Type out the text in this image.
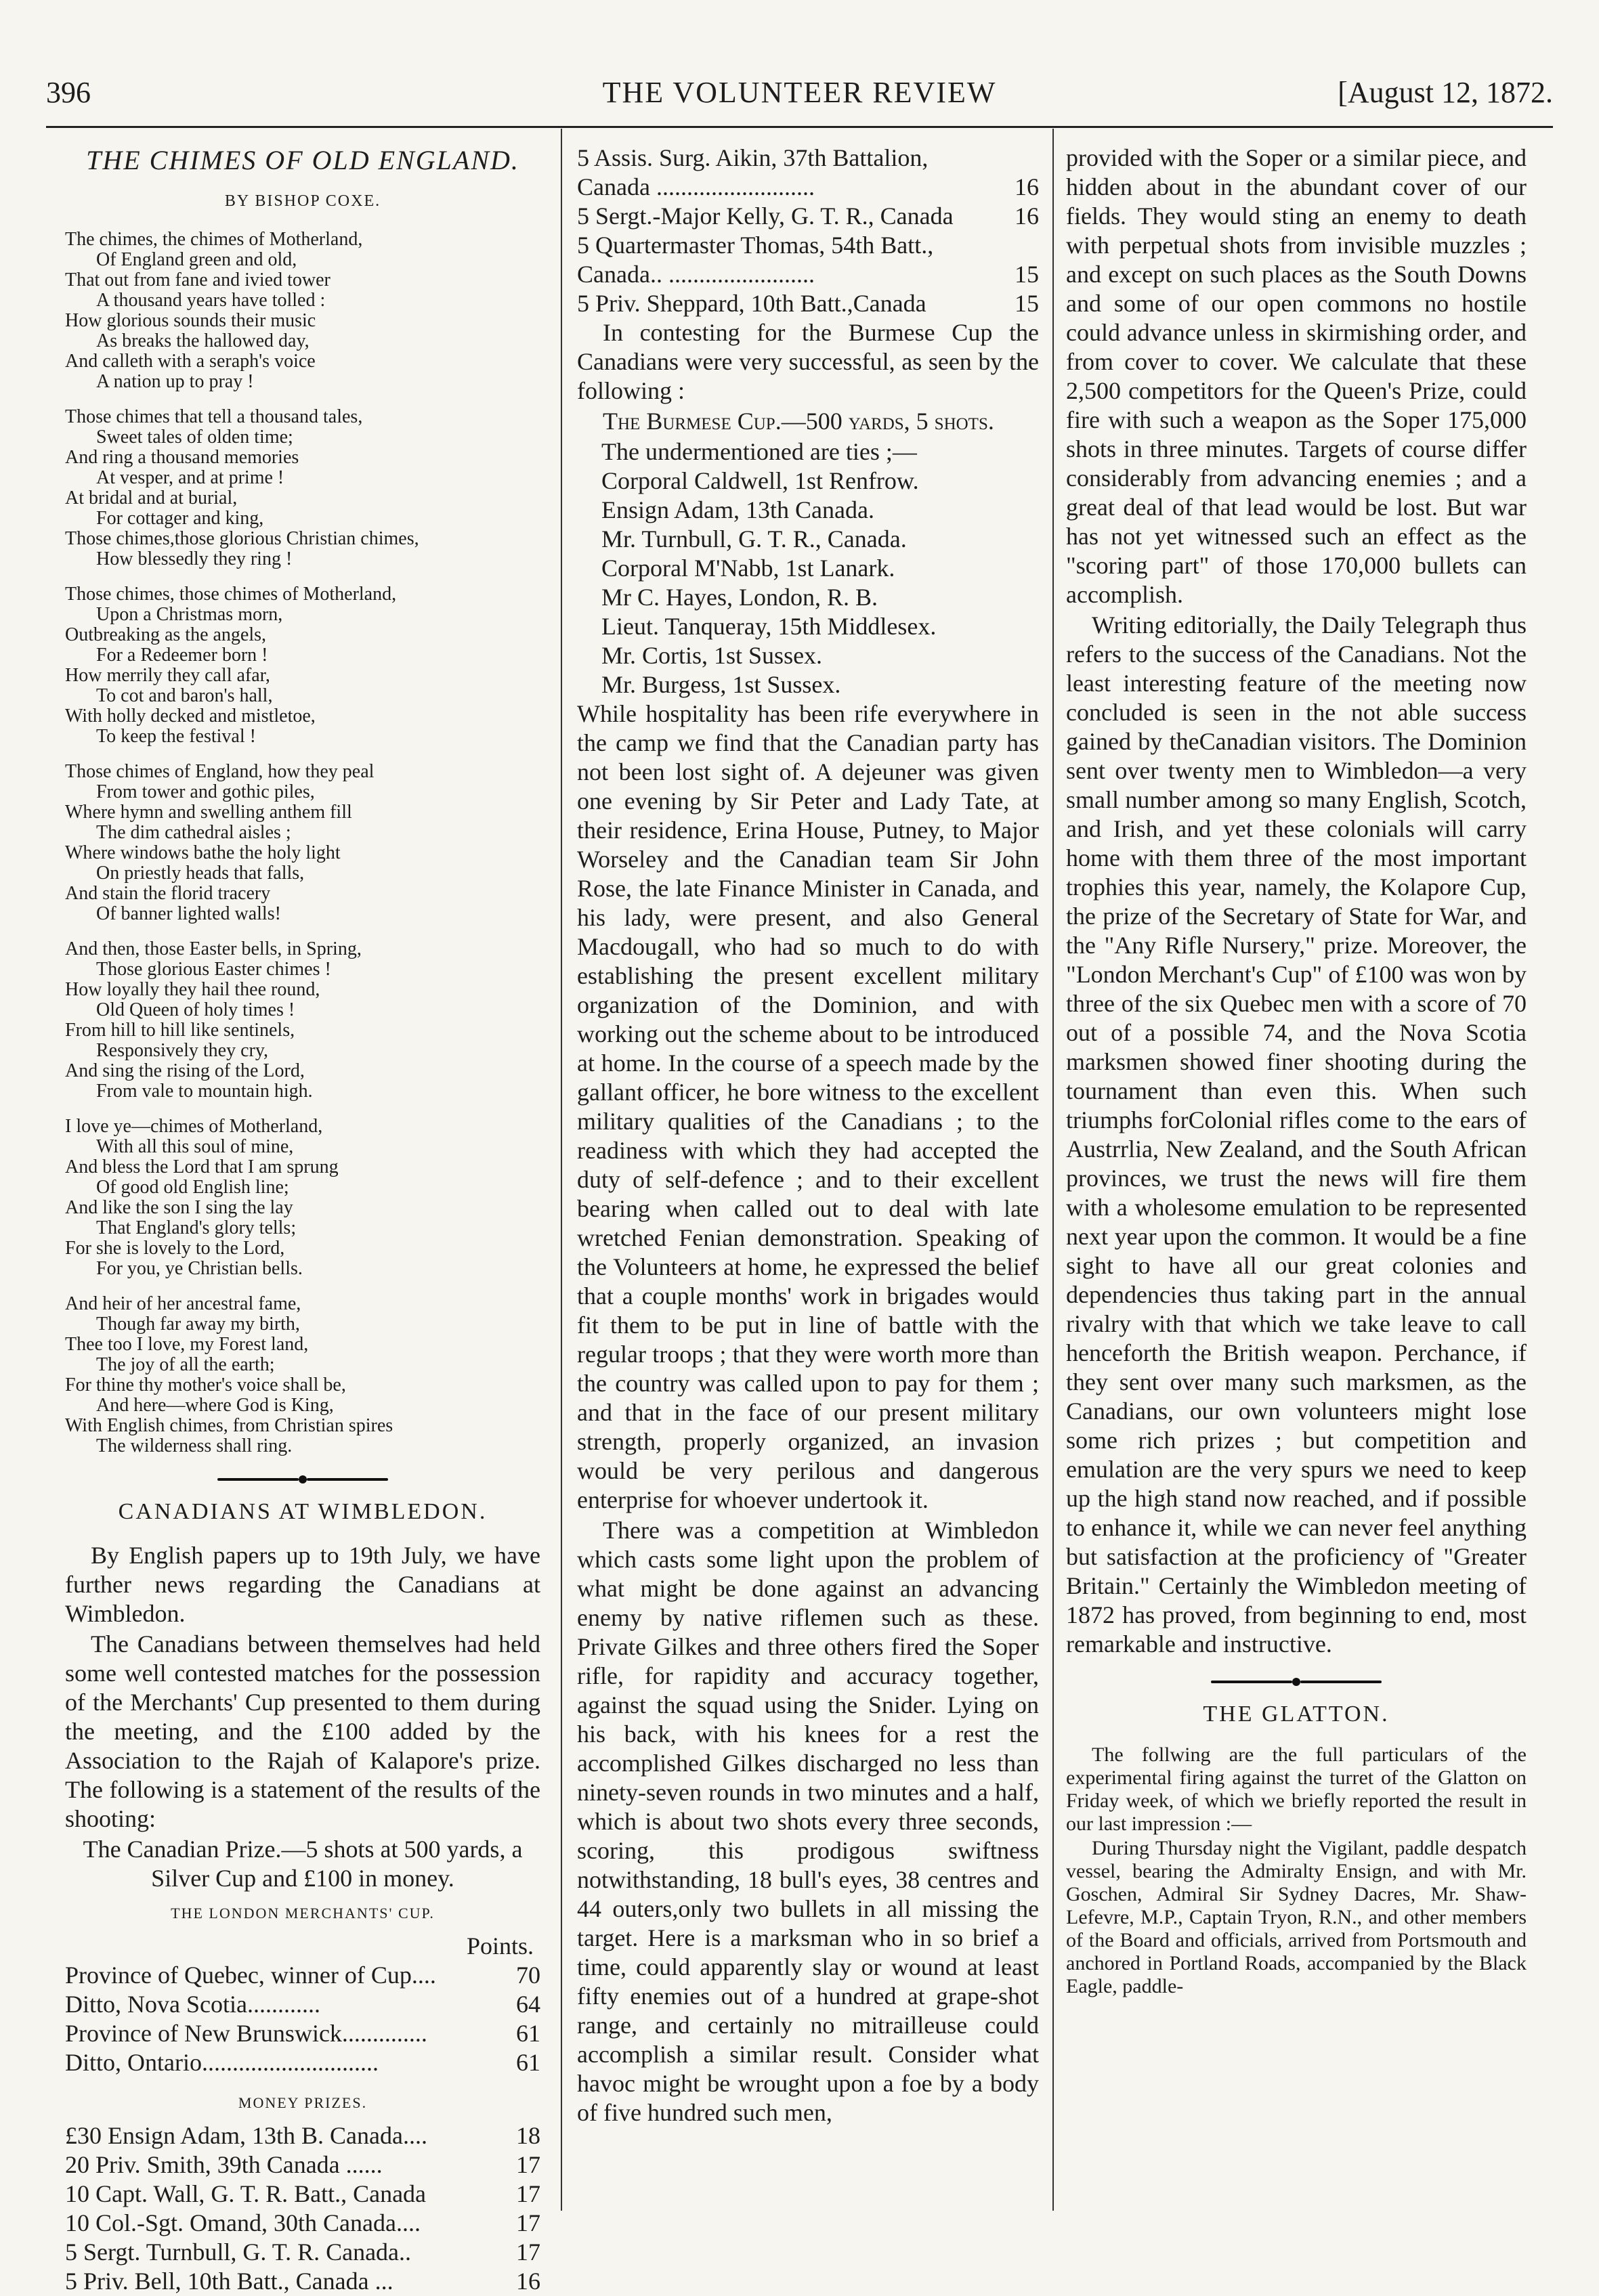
396	THE VOLUNTEER REVIEW	[August 12, 1872.
THE CHIMES OF OLD ENGLAND.
BY BISHOP COXE.
The chimes, the chimes of Motherland,
Of England green and old,
That out from fane and ivied tower
A thousand years have tolled :
How glorious sounds their music
As breaks the hallowed day,
And calleth with a seraph's voice
A nation up to pray !
Those chimes that tell a thousand tales,
Sweet tales of olden time;
And ring a thousand memories
At vesper, and at prime !
At bridal and at burial,
For cottager and king,
Those chimes,those glorious Christian chimes,
How blessedly they ring !
Those chimes, those chimes of Motherland,
Upon a Christmas morn,
Outbreaking as the angels,
For a Redeemer born !
How merrily they call afar,
To cot and baron's hall,
With holly decked and mistletoe,
To keep the festival !
Those chimes of England, how they peal
From tower and gothic piles,
Where hymn and swelling anthem fill
The dim cathedral aisles ;
Where windows bathe the holy light
On priestly heads that falls,
And stain the florid tracery
Of banner lighted walls!
And then, those Easter bells, in Spring,
Those glorious Easter chimes !
How loyally they hail thee round,
Old Queen of holy times !
From hill to hill like sentinels,
Responsively they cry,
And sing the rising of the Lord,
From vale to mountain high.
I love ye—chimes of Motherland,
With all this soul of mine,
And bless the Lord that I am sprung
Of good old English line;
And like the son I sing the lay
That England's glory tells;
For she is lovely to the Lord,
For you, ye Christian bells.
And heir of her ancestral fame,
Though far away my birth,
Thee too I love, my Forest land,
The joy of all the earth;
For thine thy mother's voice shall be,
And here—where God is King,
With English chimes, from Christian spires
The wilderness shall ring.
CANADIANS AT WIMBLEDON.

By English papers up to 19th July, we have further news regarding the Canadians at Wimbledon.

The Canadians between themselves had held some well contested matches for the possession of the Merchants' Cup presented to them during the meeting, and the £100 added by the Association to the Rajah of Kalapore's prize. The following is a statement of the results of the shooting:

The Canadian Prize.—5 shots at 500 yards, a Silver Cup and £100 in money.

THE LONDON MERCHANTS' CUP.
Points.
Province of Quebec, winner of Cup....	70
Ditto, Nova Scotia............	64
Province of New Brunswick..............	61
Ditto, Ontario.............................	61
MONEY PRIZES.
£30 Ensign Adam, 13th B. Canada....	18
20 Priv. Smith, 39th Canada ......	17
10 Capt. Wall, G. T. R. Batt., Canada	17
10 Col.-Sgt. Omand, 30th Canada....	17
5 Sergt. Turnbull, G. T. R. Canada..	17
5 Priv. Bell, 10th Batt., Canada ...	16
5 Assis. Surg. Aikin, 37th Battalion,
Canada ..........................	16
5 Sergt.-Major Kelly, G. T. R., Canada	16
5 Quartermaster Thomas, 54th Batt.,
Canada.. ........................	15
5 Priv. Sheppard, 10th Batt.,Canada	15

In contesting for the Burmese Cup the Canadians were very successful, as seen by the following :

The Burmese Cup.—500 yards, 5 shots.

The undermentioned are ties ;—
Corporal Caldwell, 1st Renfrow.
Ensign Adam, 13th Canada.
Mr. Turnbull, G. T. R., Canada.
Corporal M'Nabb, 1st Lanark.
Mr C. Hayes, London, R. B.
Lieut. Tanqueray, 15th Middlesex.
Mr. Cortis, 1st Sussex.
Mr. Burgess, 1st Sussex.

While hospitality has been rife everywhere in the camp we find that the Canadian party has not been lost sight of. A dejeuner was given one evening by Sir Peter and Lady Tate, at their residence, Erina House, Putney, to Major Worseley and the Canadian team Sir John Rose, the late Finance Minister in Canada, and his lady, were present, and also General Macdougall, who had so much to do with establishing the present excellent military organization of the Dominion, and with working out the scheme about to be introduced at home. In the course of a speech made by the gallant officer, he bore witness to the excellent military qualities of the Canadians ; to the readiness with which they had accepted the duty of self-defence ; and to their excellent bearing when called out to deal with late wretched Fenian demonstration. Speaking of the Volunteers at home, he expressed the belief that a couple months' work in brigades would fit them to be put in line of battle with the regular troops ; that they were worth more than the country was called upon to pay for them ; and that in the face of our present military strength, properly organized, an invasion would be very perilous and dangerous enterprise for whoever undertook it.

There was a competition at Wimbledon which casts some light upon the problem of what might be done against an advancing enemy by native riflemen such as these. Private Gilkes and three others fired the Soper rifle, for rapidity and accuracy together, against the squad using the Snider. Lying on his back, with his knees for a rest the accomplished Gilkes discharged no less than ninety-seven rounds in two minutes and a half, which is about two shots every three seconds, scoring, this prodigous swiftness notwithstanding, 18 bull's eyes, 38 centres and 44 outers,only two bullets in all missing the target. Here is a marksman who in so brief a time, could apparently slay or wound at least fifty enemies out of a hundred at grape-shot range, and certainly no mitrailleuse could accomplish a similar result. Consider what havoc might be wrought upon a foe by a body of five hundred such men,

provided with the Soper or a similar piece, and hidden about in the abundant cover of our fields. They would sting an enemy to death with perpetual shots from invisible muzzles ; and except on such places as the South Downs and some of our open commons no hostile could advance unless in skirmishing order, and from cover to cover. We calculate that these 2,500 competitors for the Queen's Prize, could fire with such a weapon as the Soper 175,000 shots in three minutes. Targets of course differ considerably from advancing enemies ; and a great deal of that lead would be lost. But war has not yet witnessed such an effect as the "scoring part" of those 170,000 bullets can accomplish.

Writing editorially, the Daily Telegraph thus refers to the success of the Canadians. Not the least interesting feature of the meeting now concluded is seen in the not able success gained by theCanadian visitors. The Dominion sent over twenty men to Wimbledon—a very small number among so many English, Scotch, and Irish, and yet these colonials will carry home with them three of the most important trophies this year, namely, the Kolapore Cup, the prize of the Secretary of State for War, and the "Any Rifle Nursery," prize. Moreover, the "London Merchant's Cup" of £100 was won by three of the six Quebec men with a score of 70 out of a possible 74, and the Nova Scotia marksmen showed finer shooting during the tournament than even this. When such triumphs forColonial rifles come to the ears of Austrrlia, New Zealand, and the South African provinces, we trust the news will fire them with a wholesome emulation to be represented next year upon the common. It would be a fine sight to have all our great colonies and dependencies thus taking part in the annual rivalry with that which we take leave to call henceforth the British weapon. Perchance, if they sent over many such marksmen, as the Canadians, our own volunteers might lose some rich prizes ; but competition and emulation are the very spurs we need to keep up the high stand now reached, and if possible to enhance it, while we can never feel anything but satisfaction at the proficiency of "Greater Britain." Certainly the Wimbledon meeting of 1872 has proved, from beginning to end, most remarkable and instructive.

THE GLATTON.

The follwing are the full particulars of the experimental firing against the turret of the Glatton on Friday week, of which we briefly reported the result in our last impression :—

During Thursday night the Vigilant, paddle despatch vessel, bearing the Admiralty Ensign, and with Mr. Goschen, Admiral Sir Sydney Dacres, Mr. Shaw-Lefevre, M.P., Captain Tryon, R.N., and other members of the Board and officials, arrived from Portsmouth and anchored in Portland Roads, accompanied by the Black Eagle, paddle-
